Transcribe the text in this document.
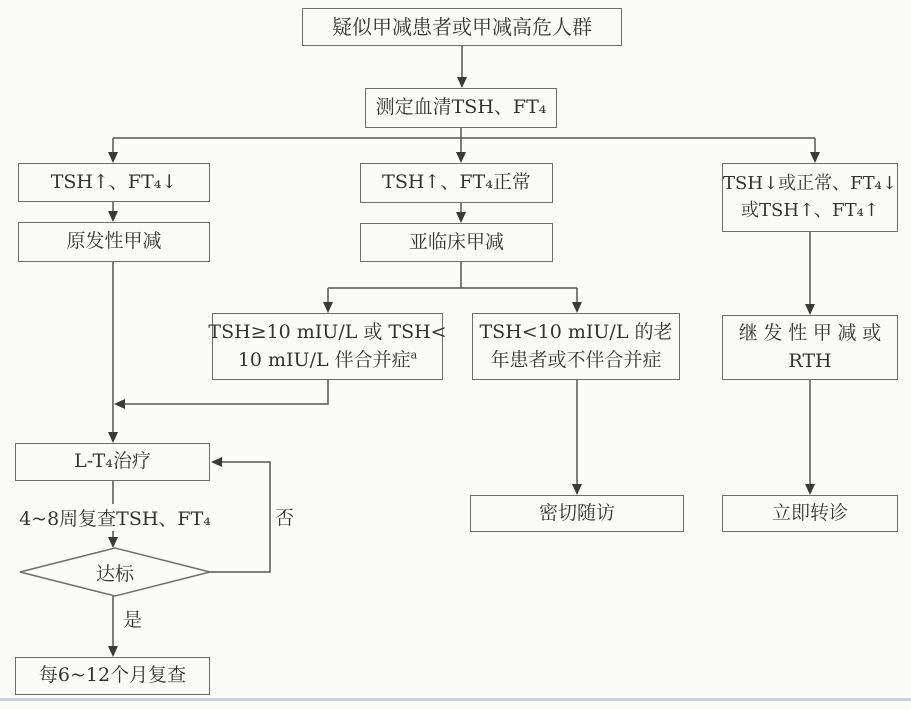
疑似甲减患者或甲减高危人群
测定血清TSH、FT₄
TSH↑、FT₄↓
原发性甲减
TSH↑、FT₄正常
亚临床甲减
TSH↓或正常、FT₄↓
或TSH↑、FT₄↑
TSH≥10 mIU/L 或 TSH<
10 mIU/L 伴合并症$^a$
TSH<10 mIU/L 的老
年患者或不伴合并症
继发性甲减或
RTH
L-T₄治疗
4~8周复查TSH、FT₄	否
达标
是
每6~12个月复查
密切随访	立即转诊
